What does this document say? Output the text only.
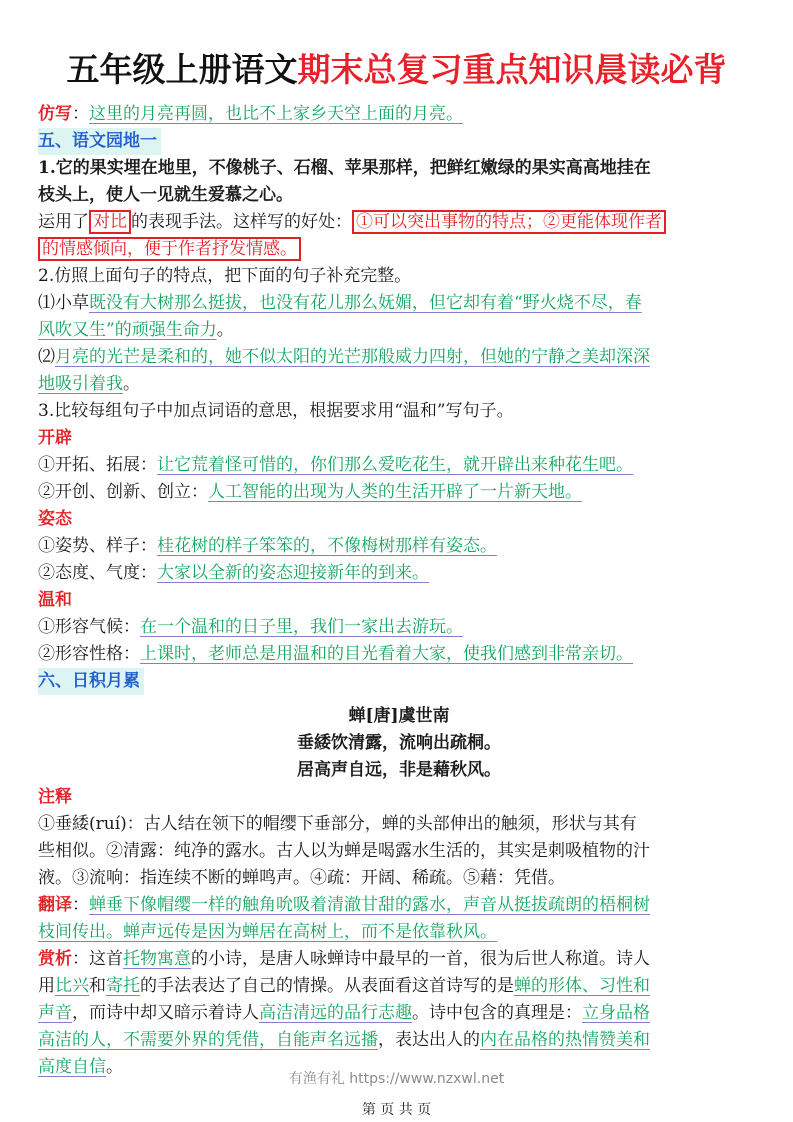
五年级上册语文期末总复习重点知识晨读必背
仿写：这里的月亮再圆，也比不上家乡天空上面的月亮。
五、语文园地一
1.它的果实埋在地里，不像桃子、石榴、苹果那样，把鲜红嫩绿的果实高高地挂在
枝头上，使人一见就生爱慕之心。
运用了 对比 的表现手法。这样写的好处： ①可以突出事物的特点；②更能体现作者
的情感倾向，便于作者抒发情感。
2.仿照上面句子的特点，把下面的句子补充完整。
⑴小草既没有大树那么挺拔，也没有花儿那么妩媚，但它却有着“野火烧不尽，春
风吹又生”的顽强生命力。
⑵月亮的光芒是柔和的，她不似太阳的光芒那般威力四射，但她的宁静之美却深深
地吸引着我。
3.比较每组句子中加点词语的意思，根据要求用“温和”写句子。
开辟
①开拓、拓展：让它荒着怪可惜的，你们那么爱吃花生，就开辟出来种花生吧。
②开创、创新、创立：人工智能的出现为人类的生活开辟了一片新天地。
姿态
①姿势、样子：桂花树的样子笨笨的，不像梅树那样有姿态。
②态度、气度：大家以全新的姿态迎接新年的到来。
温和
①形容气候：在一个温和的日子里，我们一家出去游玩。
②形容性格：上课时，老师总是用温和的目光看着大家，使我们感到非常亲切。
六、日积月累
蝉[唐]虞世南
垂緌饮清露，流响出疏桐。
居高声自远，非是藉秋风。
注释
①垂緌(ruí)：古人结在领下的帽缨下垂部分，蝉的头部伸出的触须，形状与其有
些相似。②清露：纯净的露水。古人以为蝉是喝露水生活的，其实是刺吸植物的汁
液。③流响：指连续不断的蝉鸣声。④疏：开阔、稀疏。⑤藉：凭借。
翻译：蝉垂下像帽缨一样的触角吮吸着清澈甘甜的露水，声音从挺拔疏朗的梧桐树
枝间传出。蝉声远传是因为蝉居在高树上，而不是依靠秋风。
赏析：这首托物寓意的小诗，是唐人咏蝉诗中最早的一首，很为后世人称道。诗人
用比兴和寄托的手法表达了自己的情操。从表面看这首诗写的是蝉的形体、习性和
声音，而诗中却又暗示着诗人高洁清远的品行志趣。诗中包含的真理是：立身品格
高洁的人，不需要外界的凭借，自能声名远播，表达出人的内在品格的热情赞美和
高度自信。
有渔有礼 https://www.nzxwl.net
第 页 共 页
